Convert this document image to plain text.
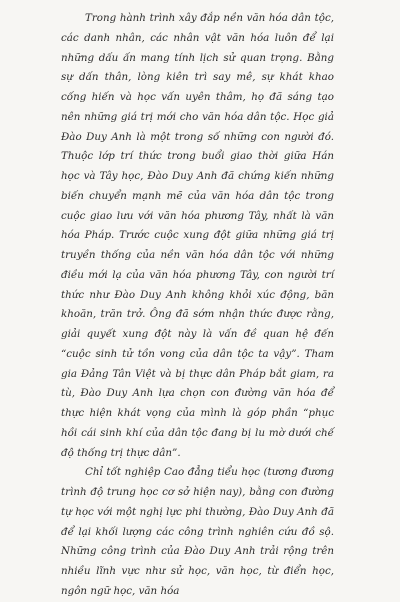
Trong hành trình xây đắp nền văn hóa dân tộc, các danh nhân, các nhân vật văn hóa luôn để lại những dấu ấn mang tính lịch sử quan trọng. Bằng sự dấn thân, lòng kiên trì say mê, sự khát khao cống hiến và học vấn uyên thâm, họ đã sáng tạo nên những giá trị mới cho văn hóa dân tộc. Học giả Đào Duy Anh là một trong số những con người đó. Thuộc lớp trí thức trong buổi giao thời giữa Hán học và Tây học, Đào Duy Anh đã chứng kiến những biến chuyển mạnh mẽ của văn hóa dân tộc trong cuộc giao lưu với văn hóa phương Tây, nhất là văn hóa Pháp. Trước cuộc xung đột giữa những giá trị truyền thống của nền văn hóa dân tộc với những điều mới lạ của văn hóa phương Tây, con người trí thức như Đào Duy Anh không khỏi xúc động, băn khoăn, trăn trở. Ông đã sớm nhận thức được rằng, giải quyết xung đột này là vấn đề quan hệ đến “cuộc sinh tử tồn vong của dân tộc ta vậy”. Tham gia Đảng Tân Việt và bị thực dân Pháp bắt giam, ra tù, Đào Duy Anh lựa chọn con đường văn hóa để thực hiện khát vọng của mình là góp phần “phục hồi cái sinh khí của dân tộc đang bị lu mờ dưới chế độ thống trị thực dân”.

Chỉ tốt nghiệp Cao đẳng tiểu học (tương đương trình độ trung học cơ sở hiện nay), bằng con đường tự học với một nghị lực phi thường, Đào Duy Anh đã để lại khối lượng các công trình nghiên cứu đồ sộ. Những công trình của Đào Duy Anh trải rộng trên nhiều lĩnh vực như sử học, văn học, từ điển học, ngôn ngữ học, văn hóa
